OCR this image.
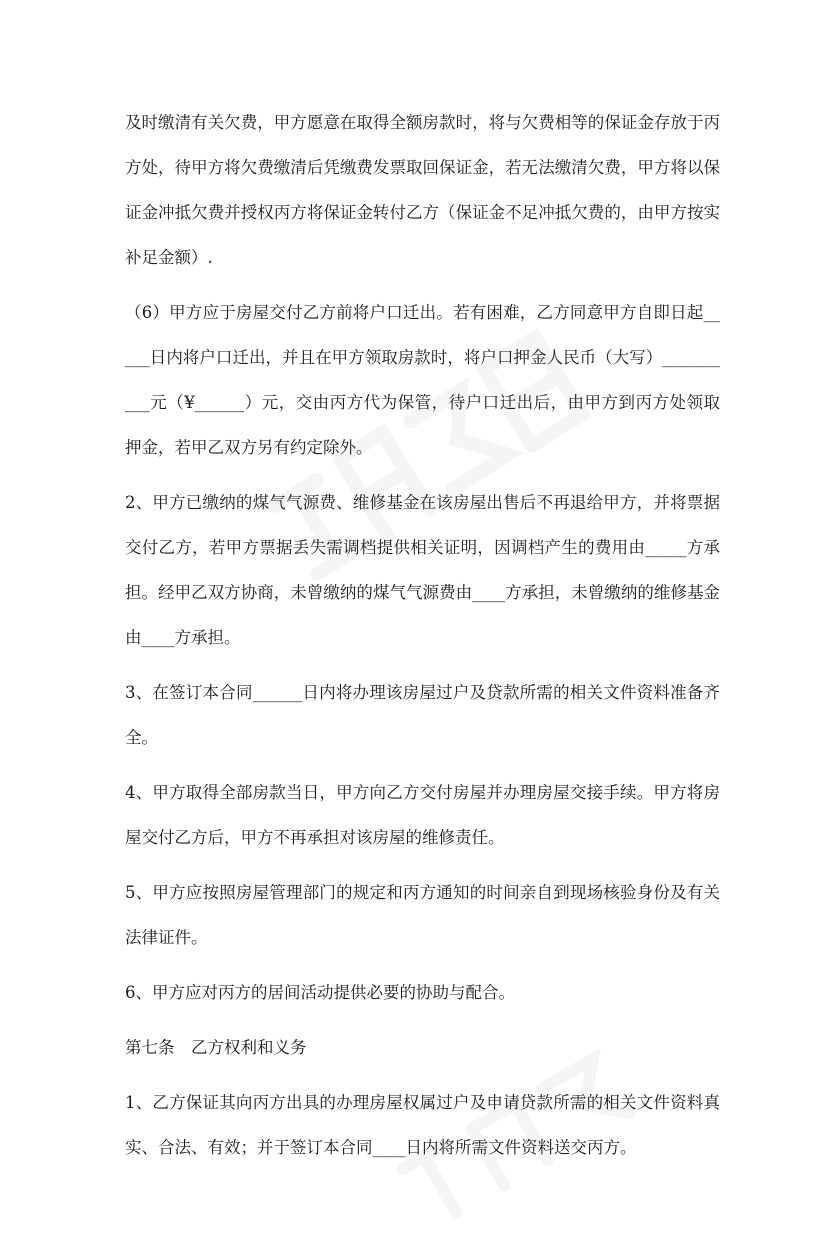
及时缴清有关欠费，甲方愿意在取得全额房款时，将与欠费相等的保证金存放于丙方处，待甲方将欠费缴清后凭缴费发票取回保证金，若无法缴清欠费，甲方将以保证金冲抵欠费并授权丙方将保证金转付乙方（保证金不足冲抵欠费的，由甲方按实补足金额）.

（6）甲方应于房屋交付乙方前将户口迁出。若有困难，乙方同意甲方自即日起_____日内将户口迁出，并且在甲方领取房款时，将户口押金人民币（大写）__________元（¥______）元，交由丙方代为保管，待户口迁出后，由甲方到丙方处领取押金，若甲乙双方另有约定除外。

2、甲方已缴纳的煤气气源费、维修基金在该房屋出售后不再退给甲方，并将票据交付乙方，若甲方票据丢失需调档提供相关证明，因调档产生的费用由_____方承担。经甲乙双方协商，未曾缴纳的煤气气源费由____方承担，未曾缴纳的维修基金由____方承担。

3、在签订本合同______日内将办理该房屋过户及贷款所需的相关文件资料准备齐全。

4、甲方取得全部房款当日，甲方向乙方交付房屋并办理房屋交接手续。甲方将房屋交付乙方后，甲方不再承担对该房屋的维修责任。

5、甲方应按照房屋管理部门的规定和丙方通知的时间亲自到现场核验身份及有关法律证件。

6、甲方应对丙方的居间活动提供必要的协助与配合。

第七条　乙方权利和义务

1、乙方保证其向丙方出具的办理房屋权属过户及申请贷款所需的相关文件资料真实、合法、有效；并于签订本合同____日内将所需文件资料送交丙方。
